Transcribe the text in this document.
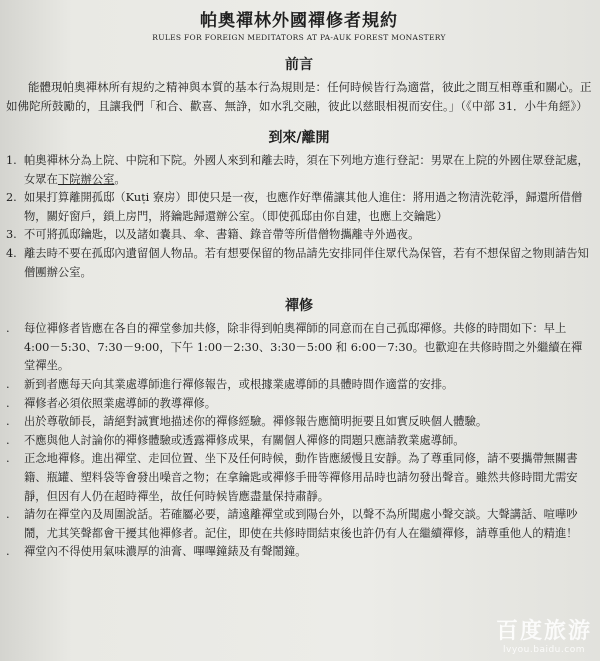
帕奧禪林外國禪修者規約
RULES FOR FOREIGN MEDITATORS AT PA-AUK FOREST MONASTERY
前言

能體現帕奧禪林所有規約之精神與本質的基本行為規則是：任何時候皆行為適當，彼此之間互相尊重和關心。正如佛陀所鼓勵的，且讓我們「和合、歡喜、無諍，如水乳交融，彼此以慈眼相視而安住。」（《中部 31．小牛角經》）

到來/離開
1. 帕奧禪林分為上院、中院和下院。外國人來到和離去時，須在下列地方進行登記：男眾在上院的外國住眾登記處，女眾在下院辦公室。
2. 如果打算離開孤邸（Kuṭi 寮房）即使只是一夜，也應作好準備讓其他人進住：將用過之物清洗乾淨，歸還所借僧物，關好窗戶，鎖上房門，將鑰匙歸還辦公室。（即使孤邸由你自建，也應上交鑰匙）
3. 不可將孤邸鑰匙，以及諸如嚢具、傘、書籍、錄音帶等所借僧物攜離寺外過夜。
4. 離去時不要在孤邸內遺留個人物品。若有想要保留的物品請先安排同伴住眾代為保管，若有不想保留之物則請告知僧團辦公室。
禪修
.	每位禪修者皆應在各自的禪堂參加共修，除非得到帕奧禪師的同意而在自己孤邸禪修。共修的時間如下：早上 4:00－5:30、7:30－9:00，下午 1:00－2:30、3:30－5:00 和 6:00－7:30。也歡迎在共修時間之外繼續在禪堂禪坐。
.	新到者應每天向其業處導師進行禪修報告，或根據業處導師的具體時間作適當的安排。
.	禪修者必須依照業處導師的教導禪修。
.	出於尊敬師長，請絕對誠實地描述你的禪修經驗。禪修報告應簡明扼要且如實反映個人體驗。
.	不應與他人討論你的禪修體驗或透露禪修成果，有關個人禪修的問題只應請教業處導師。
.	正念地禪修。進出禪堂、走回位置、坐下及任何時候，動作皆應緩慢且安靜。為了尊重同修，請不要攜帶無關書籍、瓶罐、塑料袋等會發出噪音之物；在拿鑰匙或禪修手冊等禪修用品時也請勿發出聲音。雖然共修時間尤需安靜，但因有人仍在超時禪坐，故任何時候皆應盡量保持肅靜。
.	請勿在禪堂內及周圍說話。若確屬必要，請遠離禪堂或到陽台外，以聲不為所聞處小聲交談。大聲講話、喧嘩吵鬧，尤其笑聲都會干擾其他禪修者。記住，即使在共修時間結束後也許仍有人在繼續禪修，請尊重他人的精進！
.	禪堂內不得使用氣味濃厚的油膏、嗶嗶鐘錶及有聲鬧鐘。
百度旅游
lvyou.baidu.com
